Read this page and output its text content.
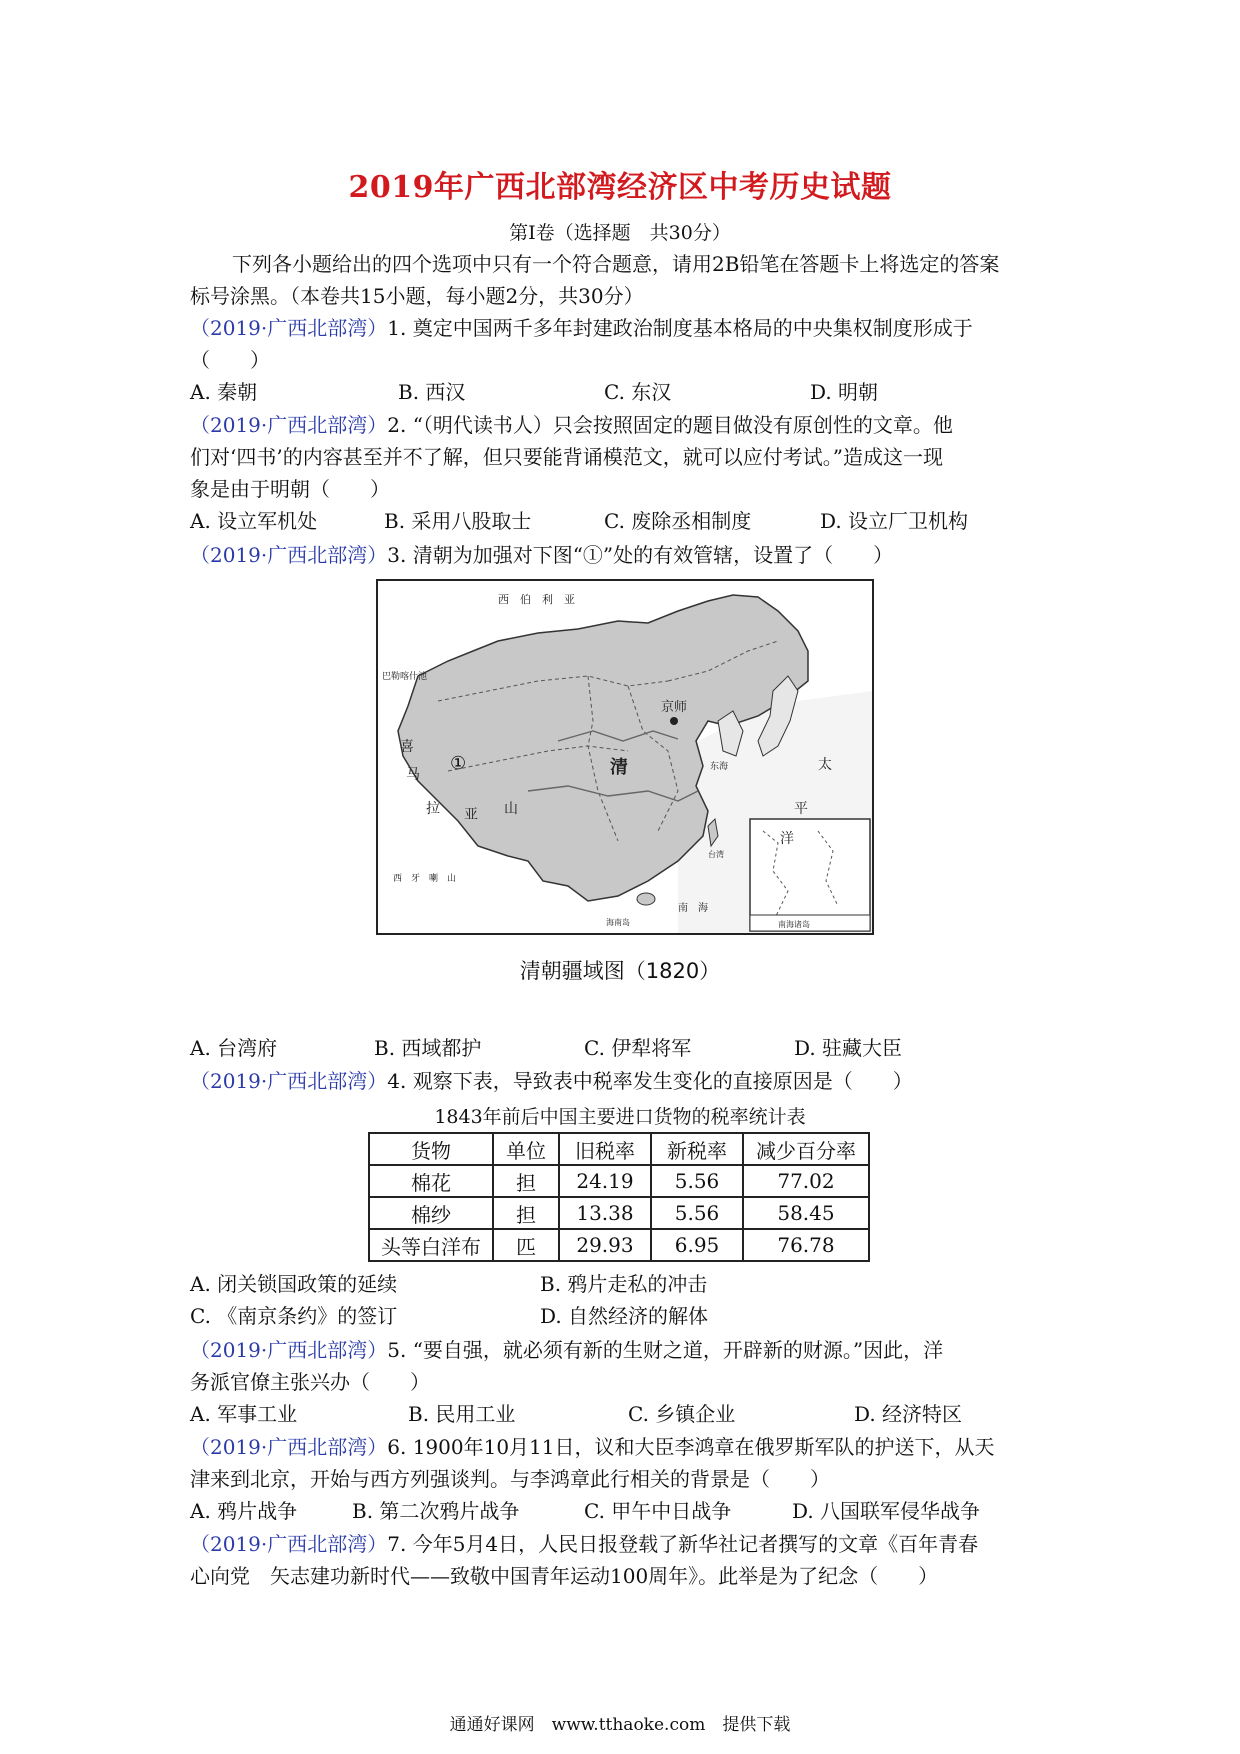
2019年广西北部湾经济区中考历史试题
第Ⅰ卷（选择题　共30分）
下列各小题给出的四个选项中只有一个符合题意，请用2B铅笔在答题卡上将选定的答案
标号涂黑。（本卷共15小题，每小题2分，共30分）
（2019·广西北部湾）1. 奠定中国两千多年封建政治制度基本格局的中央集权制度形成于
（　　）
A. 秦朝	B. 西汉	C. 东汉	D. 明朝
（2019·广西北部湾）2. “（明代读书人）只会按照固定的题目做没有原创性的文章。他
们对‘四书’的内容甚至并不了解，但只要能背诵模范文，就可以应付考试。”造成这一现
象是由于明朝（　　）
A. 设立军机处	B. 采用八股取士	C. 废除丞相制度	D. 设立厂卫机构
（2019·广西北部湾）3. 清朝为加强对下图“①”处的有效管辖，设置了（　　）
西　伯　利　亚
巴勒喀什池
京师
清
①
喜
马
拉 亚 山
西　牙　喇　山
太
平
洋
东海
台湾
南　海
海南岛	南海诸岛
清朝疆域图（1820）
A. 台湾府	B. 西域都护	C. 伊犁将军	D. 驻藏大臣
（2019·广西北部湾）4. 观察下表，导致表中税率发生变化的直接原因是（　　）
1843年前后中国主要进口货物的税率统计表
货物	单位	旧税率	新税率	减少百分率
棉花	担	24.19	5.56	77.02
棉纱	担	13.38	5.56	58.45
头等白洋布	匹	29.93	6.95	76.78
A. 闭关锁国政策的延续	B. 鸦片走私的冲击
C. 《南京条约》的签订	D. 自然经济的解体
（2019·广西北部湾）5. “要自强，就必须有新的生财之道，开辟新的财源。”因此，洋
务派官僚主张兴办（　　）
A. 军事工业	B. 民用工业	C. 乡镇企业	D. 经济特区
（2019·广西北部湾）6. 1900年10月11日，议和大臣李鸿章在俄罗斯军队的护送下，从天
津来到北京，开始与西方列强谈判。与李鸿章此行相关的背景是（　　）
A. 鸦片战争	B. 第二次鸦片战争	C. 甲午中日战争	D. 八国联军侵华战争
（2019·广西北部湾）7. 今年5月4日，人民日报登载了新华社记者撰写的文章《百年青春
心向党　矢志建功新时代——致敬中国青年运动100周年》。此举是为了纪念（　　）
通通好课网　www.tthaoke.com　提供下载
